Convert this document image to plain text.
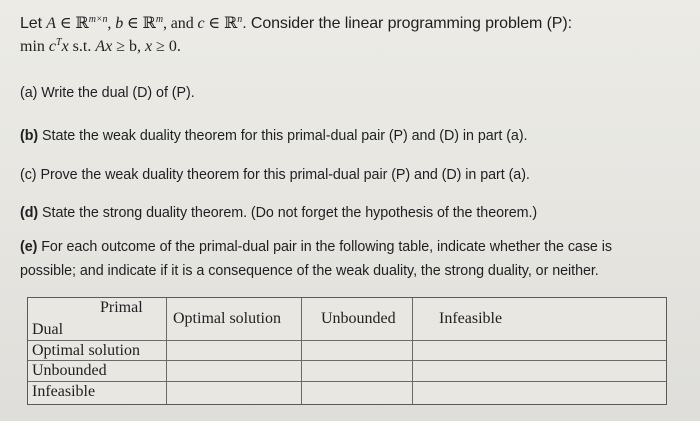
Let A ∈ ℝ$^{m\times n}$, b ∈ ℝ$^m$, and c ∈ ℝ$^n$. Consider the linear programming problem (P):
$\min c^Tx$ s.t. Ax ≥ b, x ≥ 0.
(a) Write the dual (D) of (P).
(b) State the weak duality theorem for this primal-dual pair (P) and (D) in part (a).
(c) Prove the weak duality theorem for this primal-dual pair (P) and (D) in part (a).
(d) State the strong duality theorem. (Do not forget the hypothesis of the theorem.)
(e) For each outcome of the primal-dual pair in the following table, indicate whether the case is
possible; and indicate if it is a consequence of the weak duality, the strong duality, or neither.
Primal
Dual
Optimal solution	Unbounded	Infeasible
Optimal solution
Unbounded
Infeasible
